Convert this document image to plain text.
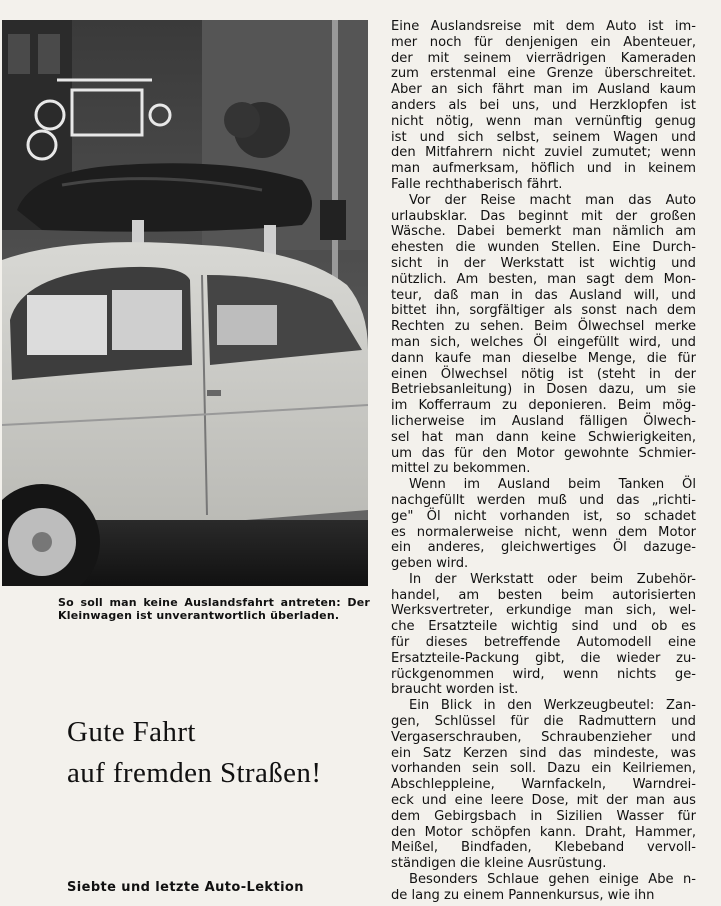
So soll man keine Auslandsfahrt antreten: Der Kleinwagen ist unverantwortlich überladen.
Gute Fahrt
auf fremden Straßen!
Siebte und letzte Auto-Lektion

Eine Auslandsreise mit dem Auto ist im-
mer noch für denjenigen ein Abenteuer,
der mit seinem vierrädrigen Kameraden
zum erstenmal eine Grenze überschreitet.
Aber an sich fährt man im Ausland kaum
anders als bei uns, und Herzklopfen ist
nicht nötig, wenn man vernünftig genug
ist und sich selbst, seinem Wagen und
den Mitfahrern nicht zuviel zumutet; wenn
man aufmerksam, höflich und in keinem
Falle rechthaberisch fährt.

Vor der Reise macht man das Auto
urlaubsklar. Das beginnt mit der großen
Wäsche. Dabei bemerkt man nämlich am
ehesten die wunden Stellen. Eine Durch-
sicht in der Werkstatt ist wichtig und
nützlich. Am besten, man sagt dem Mon-
teur, daß man in das Ausland will, und
bittet ihn, sorgfältiger als sonst nach dem
Rechten zu sehen. Beim Ölwechsel merke
man sich, welches Öl eingefüllt wird, und
dann kaufe man dieselbe Menge, die für
einen Ölwechsel nötig ist (steht in der
Betriebsanleitung) in Dosen dazu, um sie
im Kofferraum zu deponieren. Beim mög-
licherweise im Ausland fälligen Ölwech-
sel hat man dann keine Schwierigkeiten,
um das für den Motor gewohnte Schmier-
mittel zu bekommen.

Wenn im Ausland beim Tanken Öl
nachgefüllt werden muß und das „richti-
ge" Öl nicht vorhanden ist, so schadet
es normalerweise nicht, wenn dem Motor
ein anderes, gleichwertiges Öl dazuge-
geben wird.

In der Werkstatt oder beim Zubehör-
handel, am besten beim autorisierten
Werksvertreter, erkundige man sich, wel-
che Ersatzteile wichtig sind und ob es
für dieses betreffende Automodell eine
Ersatzteile-Packung gibt, die wieder zu-
rückgenommen wird, wenn nichts ge-
braucht worden ist.

Ein Blick in den Werkzeugbeutel: Zan-
gen, Schlüssel für die Radmuttern und
Vergaserschrauben, Schraubenzieher und
ein Satz Kerzen sind das mindeste, was
vorhanden sein soll. Dazu ein Keilriemen,
Abschleppleine, Warnfackeln, Warndrei-
eck und eine leere Dose, mit der man aus
dem Gebirgsbach in Sizilien Wasser für
den Motor schöpfen kann. Draht, Hammer,
Meißel, Bindfaden, Klebeband vervoll-
ständigen die kleine Ausrüstung.

Besonders Schlaue gehen einige Abe n-
de lang zu einem Pannenkursus, wie ihn
